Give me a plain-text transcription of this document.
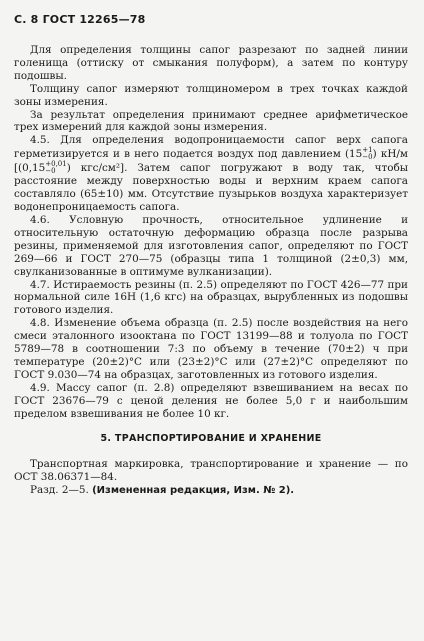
С. 8 ГОСТ 12265—78

Для определения толщины сапог разрезают по задней линии голенища (оттиску от смыкания полуформ), а затем по контуру подошвы.

Толщину сапог измеряют толщиномером в трех точках каждой зоны измерения.

За результат определения принимают среднее арифметическое трех измерений для каждой зоны измерения.

4.5. Для определения водопроницаемости сапог верх сапога герметизируется и в него подается воздух под давлением (15 +1
−0 ) кН/м [(0,15 +0,01
−0	) кгс/см²]. Затем сапог погружают в воду так, чтобы расстояние между поверхностью воды и верхним краем сапога составляло (65±10) мм. Отсутствие пузырьков воздуха характеризует водонепроницаемость сапога.

4.6. Условную прочность, относительное удлинение и относительную остаточную деформацию образца после разрыва резины, применяемой для изготовления сапог, определяют по ГОСТ 269—66 и ГОСТ 270—75 (образцы типа 1 толщиной (2±0,3) мм, свулканизованные в оптимуме вулканизации).

4.7. Истираемость резины (п. 2.5) определяют по ГОСТ 426—77 при нормальной силе 16Н (1,6 кгс) на образцах, вырубленных из подошвы готового изделия.

4.8. Изменение объема образца (п. 2.5) после воздействия на него смеси эталонного изооктана по ГОСТ 13199—88 и толуола по ГОСТ 5789—78 в соотношении 7:3 по объему в течение (70±2) ч при температуре (20±2)°С или (23±2)°С или (27±2)°С определяют по ГОСТ 9.030—74 на образцах, заготовленных из готового изделия.

4.9. Массу сапог (п. 2.8) определяют взвешиванием на весах по ГОСТ 23676—79 с ценой деления не более 5,0 г и наибольшим пределом взвешивания не более 10 кг.

5. ТРАНСПОРТИРОВАНИЕ И ХРАНЕНИЕ

Транспортная маркировка, транспортирование и хранение — по ОСТ 38.06371—84.

Разд. 2—5. (Измененная редакция, Изм. № 2).
